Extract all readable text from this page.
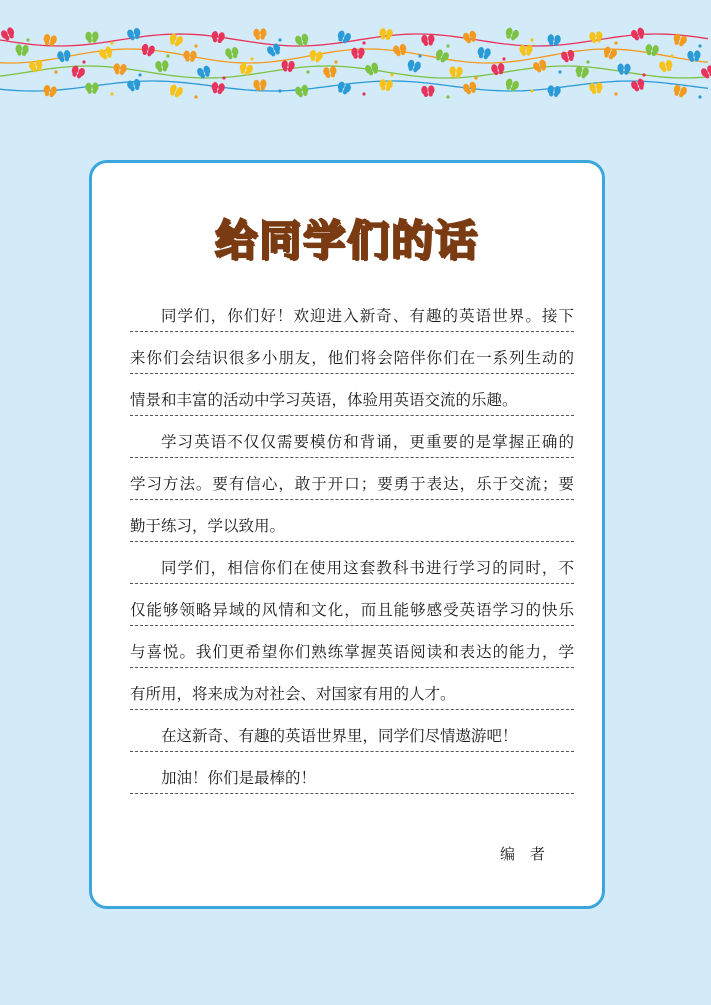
给同学们的话
同学们，你们好！欢迎进入新奇、有趣的英语世界。接下
来你们会结识很多小朋友，他们将会陪伴你们在一系列生动的
情景和丰富的活动中学习英语，体验用英语交流的乐趣。
学习英语不仅仅需要模仿和背诵，更重要的是掌握正确的
学习方法。要有信心，敢于开口；要勇于表达，乐于交流；要
勤于练习，学以致用。
同学们，相信你们在使用这套教科书进行学习的同时，不
仅能够领略异域的风情和文化，而且能够感受英语学习的快乐
与喜悦。我们更希望你们熟练掌握英语阅读和表达的能力，学
有所用，将来成为对社会、对国家有用的人才。
在这新奇、有趣的英语世界里，同学们尽情遨游吧！
加油！你们是最棒的！
编者
